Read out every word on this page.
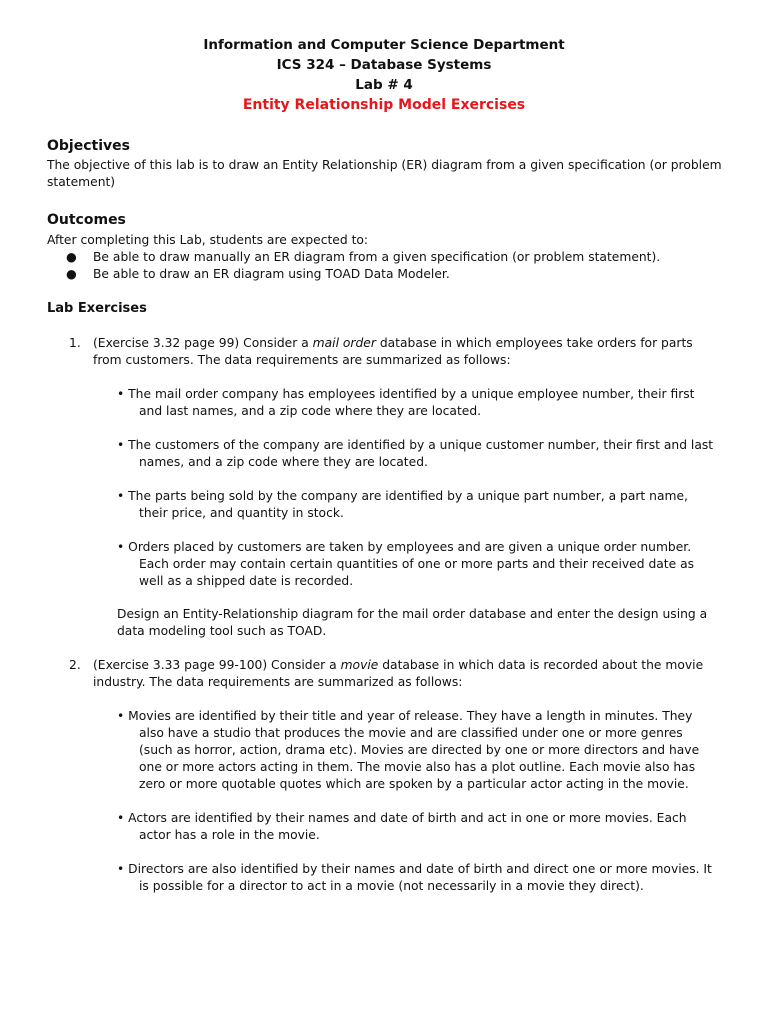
Information and Computer Science Department
ICS 324 – Database Systems
Lab # 4
Entity Relationship Model Exercises
Objectives
The objective of this lab is to draw an Entity Relationship (ER) diagram from a given specification (or problem statement)
Outcomes
After completing this Lab, students are expected to:
● Be able to draw manually an ER diagram from a given specification (or problem statement).
● Be able to draw an ER diagram using TOAD Data Modeler.
Lab Exercises
1. (Exercise 3.32 page 99) Consider a mail order database in which employees take orders for parts from customers. The data requirements are summarized as follows:
• The mail order company has employees identified by a unique employee number, their first and last names, and a zip code where they are located.
• The customers of the company are identified by a unique customer number, their first and last names, and a zip code where they are located.
• The parts being sold by the company are identified by a unique part number, a part name, their price, and quantity in stock.
• Orders placed by customers are taken by employees and are given a unique order number. Each order may contain certain quantities of one or more parts and their received date as well as a shipped date is recorded.
Design an Entity-Relationship diagram for the mail order database and enter the design using a data modeling tool such as TOAD.
2. (Exercise 3.33 page 99-100) Consider a movie database in which data is recorded about the movie industry. The data requirements are summarized as follows:
• Movies are identified by their title and year of release. They have a length in minutes. They also have a studio that produces the movie and are classified under one or more genres (such as horror, action, drama etc). Movies are directed by one or more directors and have one or more actors acting in them. The movie also has a plot outline. Each movie also has zero or more quotable quotes which are spoken by a particular actor acting in the movie.
• Actors are identified by their names and date of birth and act in one or more movies. Each actor has a role in the movie.
• Directors are also identified by their names and date of birth and direct one or more movies. It is possible for a director to act in a movie (not necessarily in a movie they direct).
